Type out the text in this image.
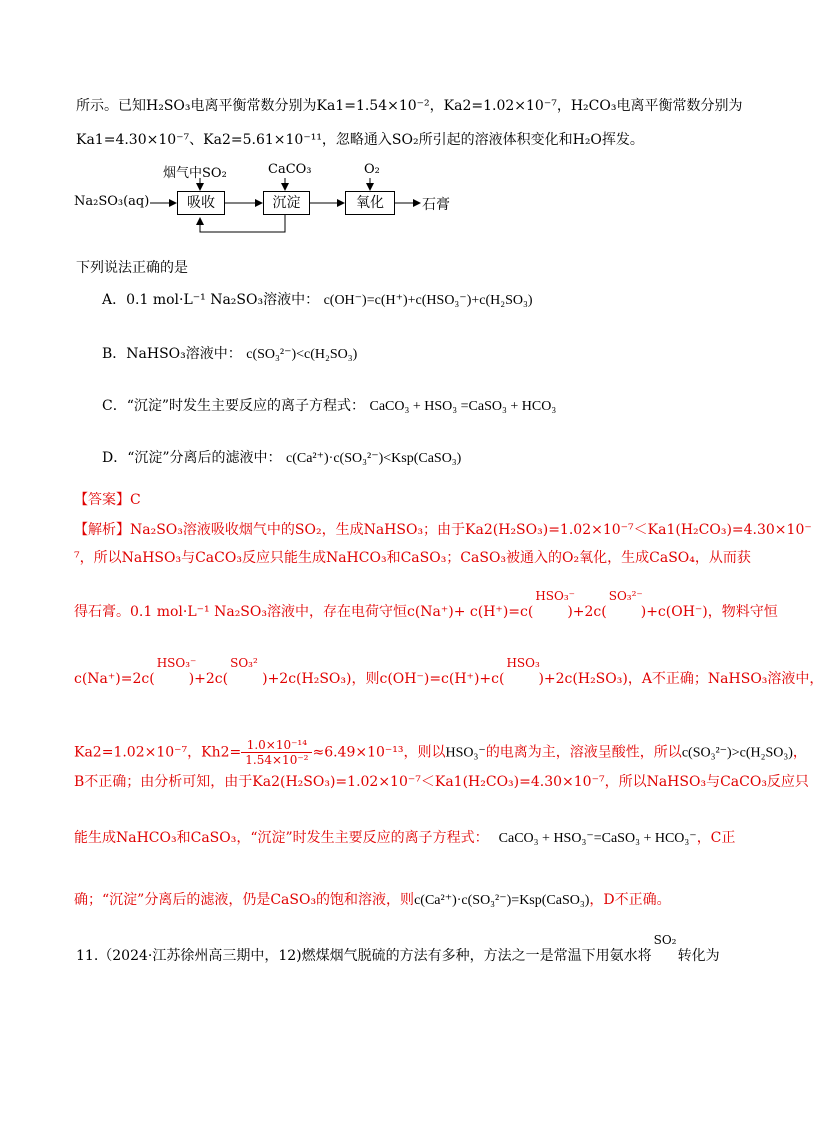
所示。已知H₂SO₃电离平衡常数分别为Ka1=1.54×10⁻²，Ka2=1.02×10⁻⁷，H₂CO₃电离平衡常数分别为
Ka1=4.30×10⁻⁷、Ka2=5.61×10⁻¹¹，忽略通入SO₂所引起的溶液体积变化和H₂O挥发。
烟气中SO₂	CaCO₃	O₂
Na₂SO₃(aq)	吸收	沉淀	氧化	石膏
下列说法正确的是
A．0.1 mol·L⁻¹ Na₂SO₃溶液中： c(OH⁻)=c(H⁺)+c(HSO₃⁻)+c(H₂SO₃)
B．NaHSO₃溶液中： c(SO₃²⁻)<c(H₂SO₃)
C．“沉淀”时发生主要反应的离子方程式： CaCO₃ + HSO₃ =CaSO₃ + HCO₃
D．“沉淀”分离后的滤液中： c(Ca²⁺)·c(SO₃²⁻)<Ksp(CaSO₃)
【答案】C
【解析】Na₂SO₃溶液吸收烟气中的SO₂，生成NaHSO₃；由于Ka2(H₂SO₃)=1.02×10⁻⁷＜Ka1(H₂CO₃)=4.30×10⁻
⁷，所以NaHSO₃与CaCO₃反应只能生成NaHCO₃和CaSO₃；CaSO₃被通入的O₂氧化，生成CaSO₄，从而获
得石膏。0.1 mol·L⁻¹ Na₂SO₃溶液中，存在电荷守恒c(Na⁺)+ c(H⁺)=c(
HSO₃⁻
)+2c(
SO₃²⁻
)+c(OH⁻)，物料守恒
c(Na⁺)=2c(
HSO₃⁻
)+2c(
SO₃²
)+2c(H₂SO₃)，则c(OH⁻)=c(H⁺)+c(
HSO₃
)+2c(H₂SO₃)，A不正确；NaHSO₃溶液中，
Ka2=1.02×10⁻⁷，$Kh2= \frac{\text{1.0×10⁻¹⁴}}{\text{1.54×10⁻²}} \approx 6.49\times 10^{-13}$，则以HSO₃⁻的电离为主，溶液呈酸性，所以c(SO₃²⁻)>c(H₂SO₃)，
B不正确；由分析可知，由于Ka2(H₂SO₃)=1.02×10⁻⁷＜Ka1(H₂CO₃)=4.30×10⁻⁷，所以NaHSO₃与CaCO₃反应只
能生成NaHCO₃和CaSO₃，“沉淀”时发生主要反应的离子方程式： CaCO₃ + HSO₃⁻=CaSO₃ + HCO₃⁻，C正
确；“沉淀”分离后的滤液，仍是CaSO₃的饱和溶液，则c(Ca²⁺)·c(SO₃²⁻)=Ksp(CaSO₃)，D不正确。
11.（2024·江苏徐州高三期中，12)燃煤烟气脱硫的方法有多种，方法之一是常温下用氨水将
SO₂
转化为
